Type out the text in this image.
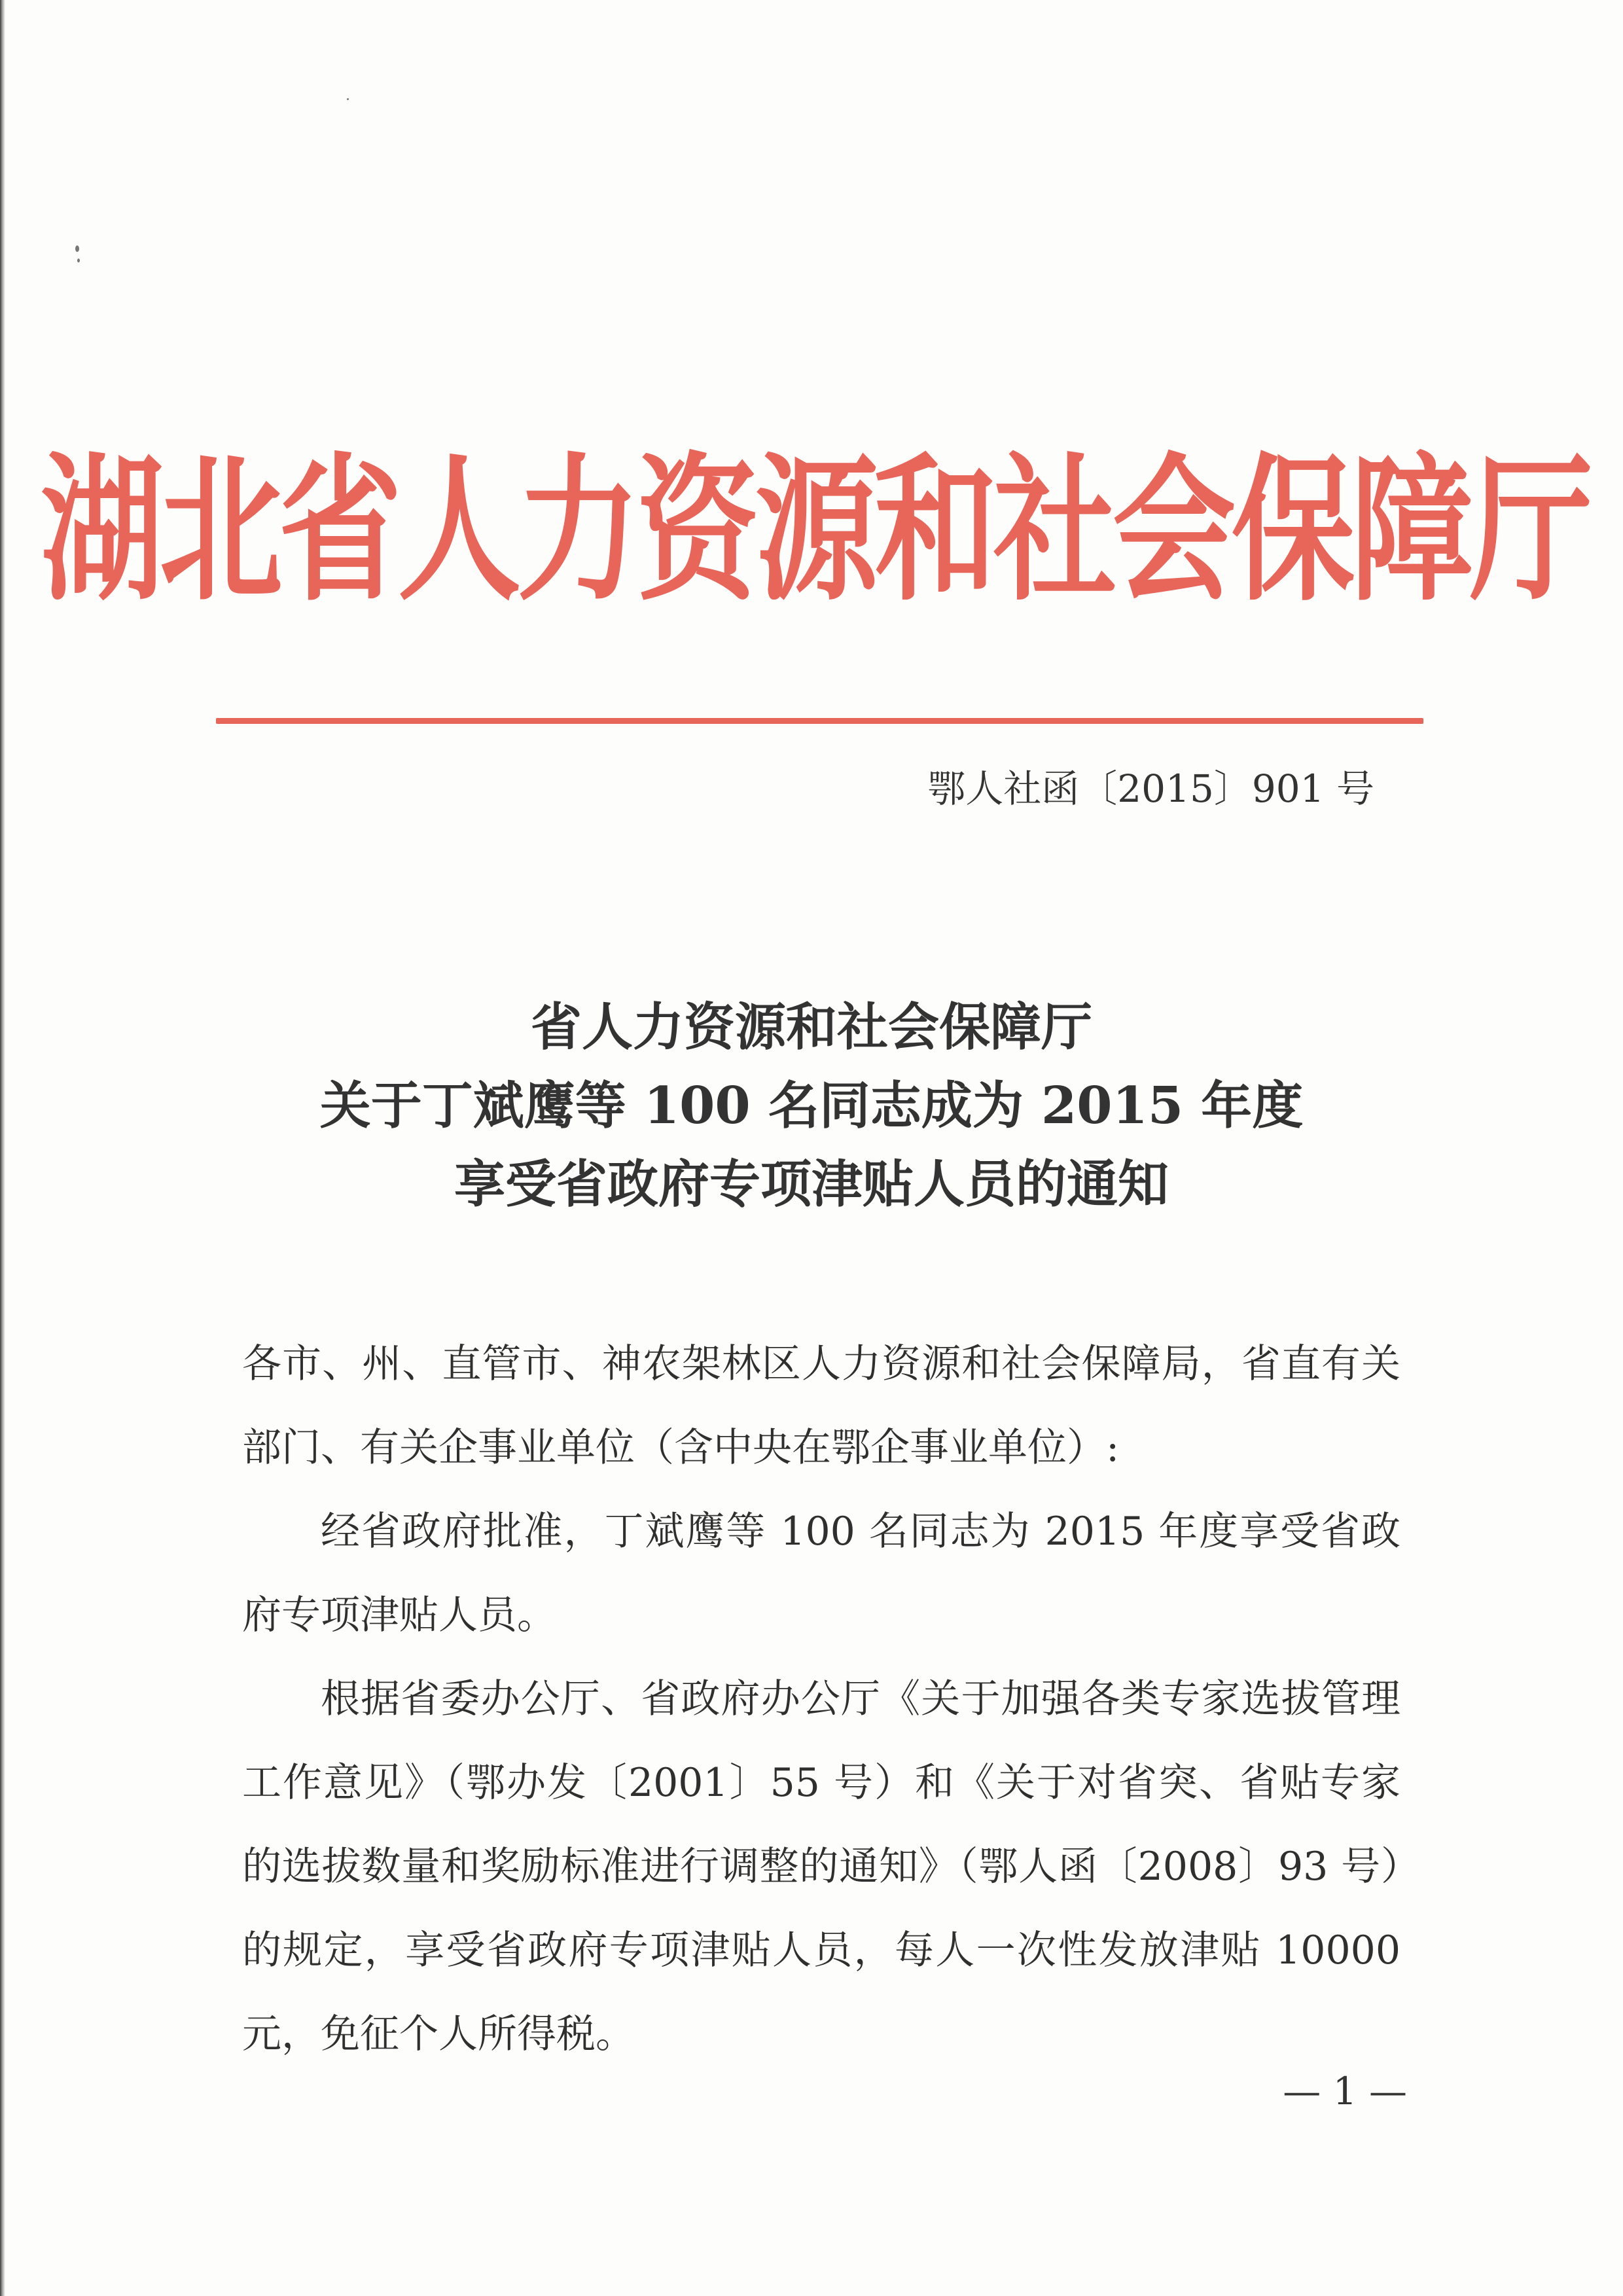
湖北省人力资源和社会保障厅
鄂人社函〔2015〕901 号
省人力资源和社会保障厅
关于丁斌鹰等 100 名同志成为 2015 年度
享受省政府专项津贴人员的通知

各市、州、直管市、神农架林区人力资源和社会保障局，省直有关部门、有关企事业单位（含中央在鄂企事业单位）:

经省政府批准，丁斌鹰等 100 名同志为 2015 年度享受省政府专项津贴人员。

根据省委办公厅、省政府办公厅《关于加强各类专家选拔管理工作意见》（鄂办发〔2001〕55 号）和《关于对省突、省贴专家的选拔数量和奖励标准进行调整的通知》（鄂人函〔2008〕93 号）的规定，享受省政府专项津贴人员，每人一次性发放津贴 10000 元，免征个人所得税。

— 1 —
